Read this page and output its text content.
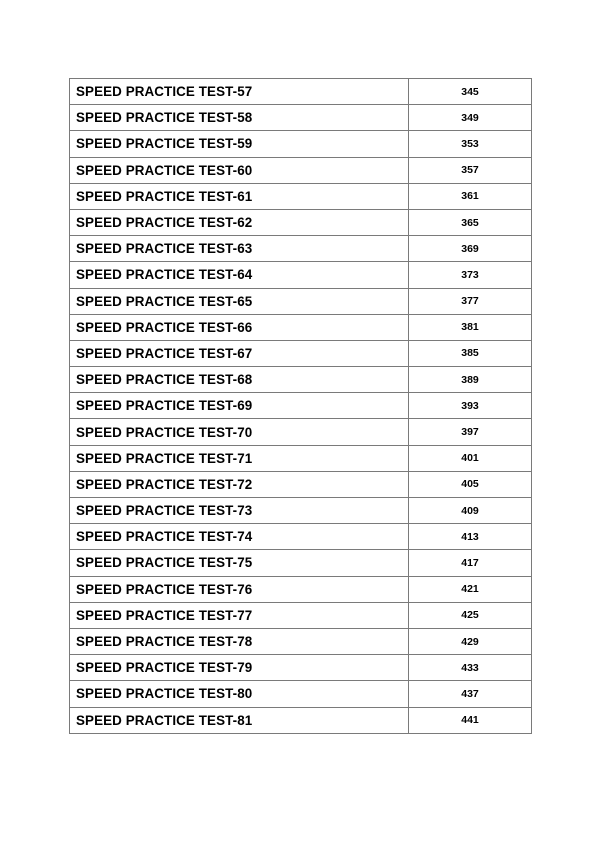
SPEED PRACTICE TEST-57	345
SPEED PRACTICE TEST-58	349
SPEED PRACTICE TEST-59	353
SPEED PRACTICE TEST-60	357
SPEED PRACTICE TEST-61	361
SPEED PRACTICE TEST-62	365
SPEED PRACTICE TEST-63	369
SPEED PRACTICE TEST-64	373
SPEED PRACTICE TEST-65	377
SPEED PRACTICE TEST-66	381
SPEED PRACTICE TEST-67	385
SPEED PRACTICE TEST-68	389
SPEED PRACTICE TEST-69	393
SPEED PRACTICE TEST-70	397
SPEED PRACTICE TEST-71	401
SPEED PRACTICE TEST-72	405
SPEED PRACTICE TEST-73	409
SPEED PRACTICE TEST-74	413
SPEED PRACTICE TEST-75	417
SPEED PRACTICE TEST-76	421
SPEED PRACTICE TEST-77	425
SPEED PRACTICE TEST-78	429
SPEED PRACTICE TEST-79	433
SPEED PRACTICE TEST-80	437
SPEED PRACTICE TEST-81	441
